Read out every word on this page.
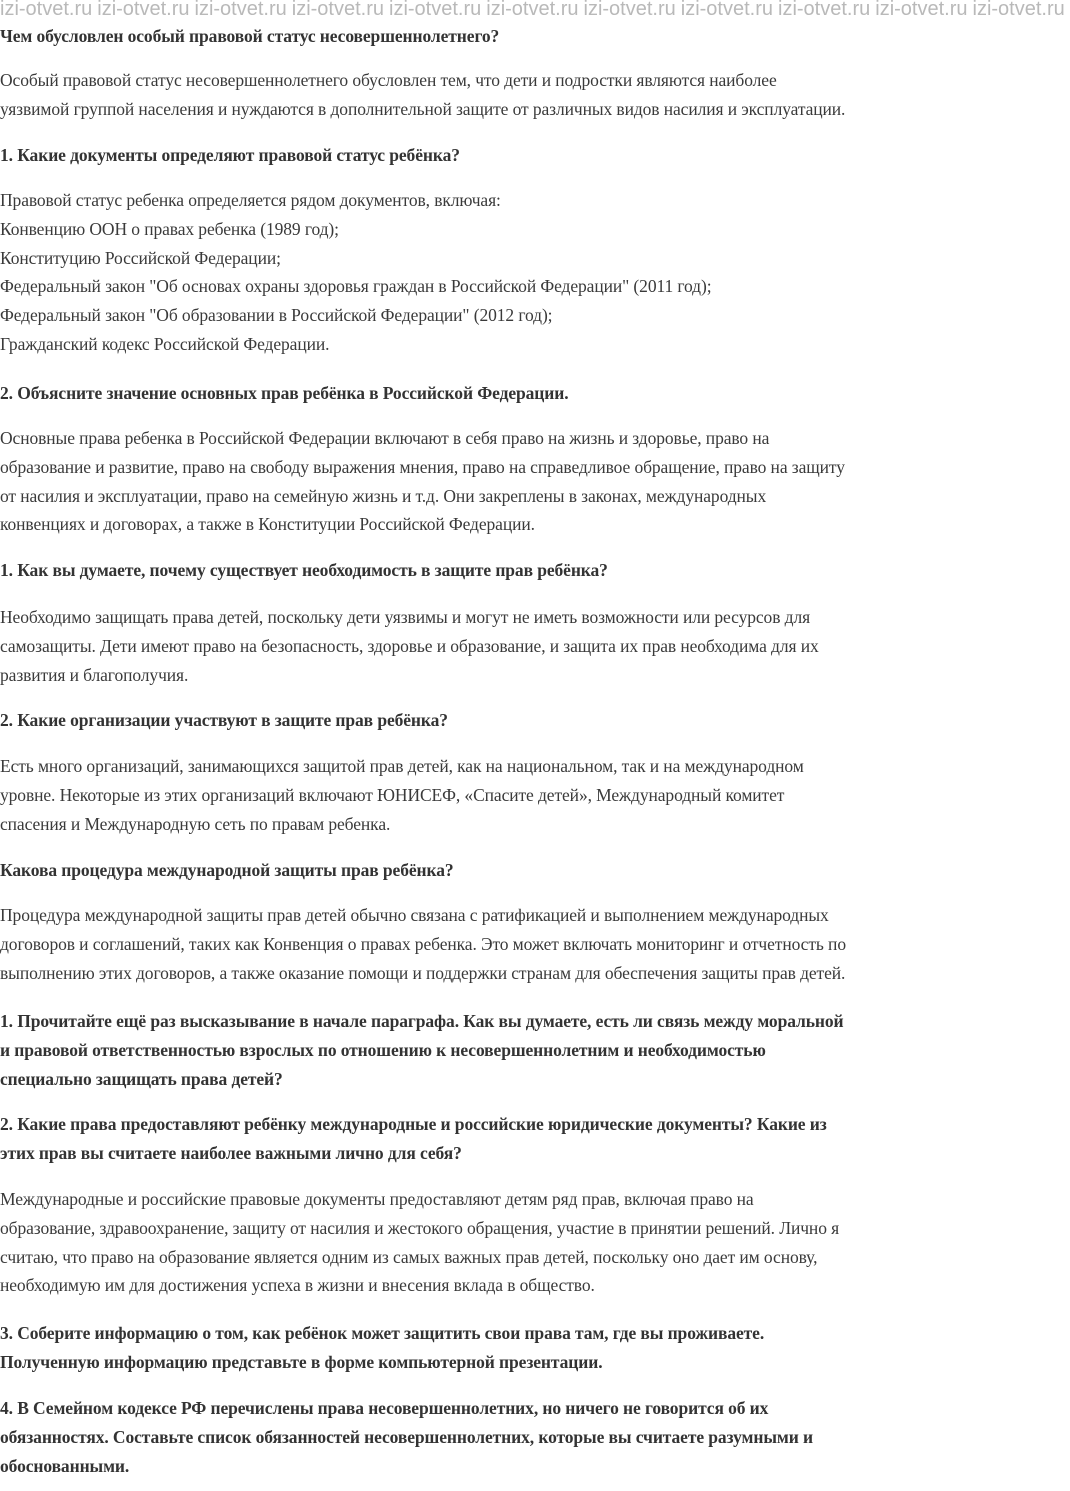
izi-otvet.ru izi-otvet.ru izi-otvet.ru izi-otvet.ru izi-otvet.ru izi-otvet.ru izi-otvet.ru izi-otvet.ru izi-otvet.ru izi-otvet.ru izi-otvet.ru
Чем обусловлен особый правовой статус несовершеннолетнего?
Особый правовой статус несовершеннолетнего обусловлен тем, что дети и подростки являются наиболее
уязвимой группой населения и нуждаются в дополнительной защите от различных видов насилия и эксплуатации.
1. Какие документы определяют правовой статус ребёнка?
Правовой статус ребенка определяется рядом документов, включая:
Конвенцию ООН о правах ребенка (1989 год);
Конституцию Российской Федерации;
Федеральный закон "Об основах охраны здоровья граждан в Российской Федерации" (2011 год);
Федеральный закон "Об образовании в Российской Федерации" (2012 год);
Гражданский кодекс Российской Федерации.
2. Объясните значение основных прав ребёнка в Российской Федерации.
Основные права ребенка в Российской Федерации включают в себя право на жизнь и здоровье, право на
образование и развитие, право на свободу выражения мнения, право на справедливое обращение, право на защиту
от насилия и эксплуатации, право на семейную жизнь и т.д. Они закреплены в законах, международных
конвенциях и договорах, а также в Конституции Российской Федерации.
1. Как вы думаете, почему существует необходимость в защите прав ребёнка?
Необходимо защищать права детей, поскольку дети уязвимы и могут не иметь возможности или ресурсов для
самозащиты. Дети имеют право на безопасность, здоровье и образование, и защита их прав необходима для их
развития и благополучия.
2. Какие организации участвуют в защите прав ребёнка?
Есть много организаций, занимающихся защитой прав детей, как на национальном, так и на международном
уровне. Некоторые из этих организаций включают ЮНИСЕФ, «Спасите детей», Международный комитет
спасения и Международную сеть по правам ребенка.
Какова процедура международной защиты прав ребёнка?
Процедура международной защиты прав детей обычно связана с ратификацией и выполнением международных
договоров и соглашений, таких как Конвенция о правах ребенка. Это может включать мониторинг и отчетность по
выполнению этих договоров, а также оказание помощи и поддержки странам для обеспечения защиты прав детей.
1. Прочитайте ещё раз высказывание в начале параграфа. Как вы думаете, есть ли связь между моральной
и правовой ответственностью взрослых по отношению к несовершеннолетним и необходимостью
специально защищать права детей?
2. Какие права предоставляют ребёнку международные и российские юридические документы? Какие из
этих прав вы считаете наиболее важными лично для себя?
Международные и российские правовые документы предоставляют детям ряд прав, включая право на
образование, здравоохранение, защиту от насилия и жестокого обращения, участие в принятии решений. Лично я
считаю, что право на образование является одним из самых важных прав детей, поскольку оно дает им основу,
необходимую им для достижения успеха в жизни и внесения вклада в общество.
3. Соберите информацию о том, как ребёнок может защитить свои права там, где вы проживаете.
Полученную информацию представьте в форме компьютерной презентации.
4. В Семейном кодексе РФ перечислены права несовершеннолетних, но ничего не говорится об их
обязанностях. Составьте список обязанностей несовершеннолетних, которые вы считаете разумными и
обоснованными.
